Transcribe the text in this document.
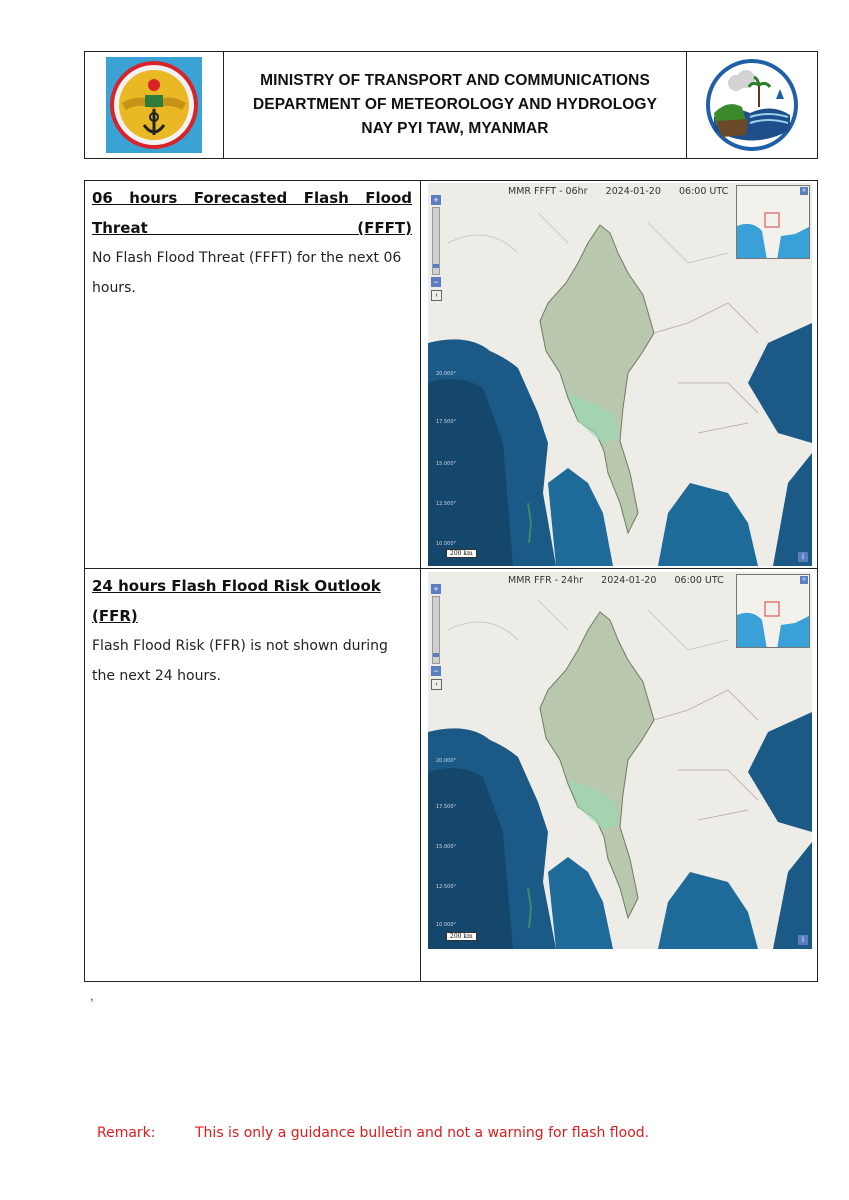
MINISTRY OF TRANSPORT AND COMMUNICATIONS
DEPARTMENT OF METEOROLOGY AND HYDROLOGY
NAY PYI TAW, MYANMAR
06 hours Forecasted Flash Flood Threat (FFFT)
No Flash Flood Threat (FFFT) for the next 06 hours.
MMR FFFT - 06hr 2024-01-20 06:00 UTC
+
−
‹
«
20.000°
17.500°
15.000°
12.500°
10.000°
200 km	i
24 hours Flash Flood Risk Outlook (FFR)
Flash Flood Risk (FFR) is not shown during the next 24 hours.
MMR FFR - 24hr 2024-01-20 06:00 UTC
+
−
‹
«
20.000°
17.500°
15.000°
12.500°
10.000°
200 km	i
,
Remark:	This is only a guidance bulletin and not a warning for flash flood.
